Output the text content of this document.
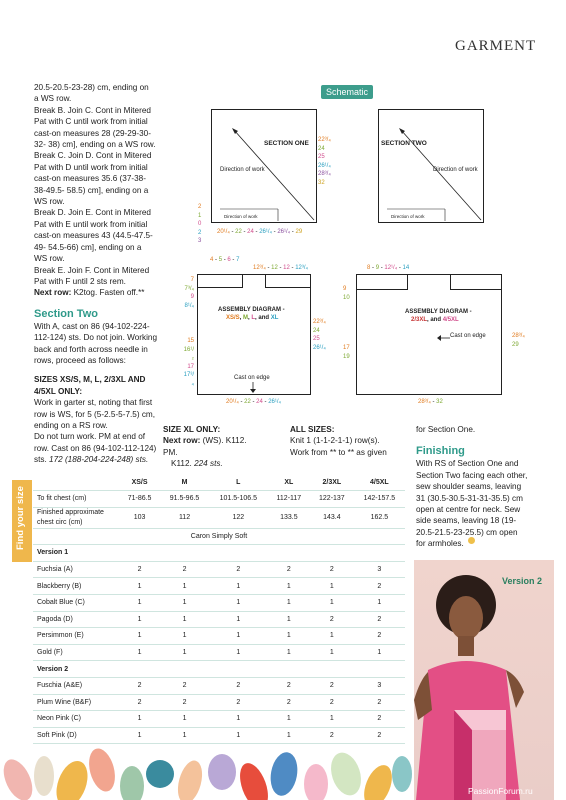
GARMENT

20.5-20.5-23-28) cm, ending on

a WS row.

Break B. Join C. Cont in Mitered

Pat with C until work from initial

cast-on measures 28 (29-29-30-

32- 38) cm], ending on a WS row.

Break C. Join D. Cont in Mitered

Pat with D until work from initial

cast-on measures 35.6 (37-38-

38-49.5- 58.5) cm], ending on a

WS row.

Break D. Join E. Cont in Mitered

Pat with E until work from initial

cast-on measures 43 (44.5-47.5-

49- 54.5-66) cm], ending on a

WS row.

Break E. Join F. Cont in Mitered

Pat with F until 2 sts rem.

Next row: K2tog. Fasten off.**

Section Two

With A, cast on 86 (94-102-224-

112-124) sts. Do not join. Working

back and forth across needle in

rows, proceed as follows:

SIZES XS/S, M, L, 2/3XL AND 4/5XL ONLY:

Work in garter st, noting that first

row is WS, for 5 (5-2.5-5-7.5) cm,

ending on a RS row.

Do not turn work. PM at end of

row. Cast on 86 (94-102-112-124)

sts. 172 (188-204-224-248) sts.

SIZE XL ONLY:

Next row: (WS). K112. PM.

K112. 224 sts.

ALL SIZES:

Knit 1 (1-1-2-1-1) row(s).

Work from ** to ** as given

for Section One.

Finishing

With RS of Section One and

Section Two facing each other,

sew shoulder seams, leaving

31 (30.5-30.5-31-31-35.5) cm

open at centre for neck. Sew

side seams, leaving 18 (19-

20.5-21.5-23-25.5) cm open

for armholes.

Schematic
SECTION ONE
Direction of work
Direction of work
22³/₄
24
25
26¹/₄
28³/₄
32
2
1
0
2
3
20¹/₄ - 22 - 24 - 26¹/₄ - 26¹/₄ - 29
SECTION TWO
Direction of work
Direction of work
4 - 5 - 6 - 7
12³/₄ - 12 - 12 - 12³/₄
7
7³/₄
9
8¹/₄
ASSEMBLY DIAGRAM -
XS/S, M, L, and XL
Cast on edge
15
16¹/₂
17
17³/₄
22³/₄
24
25
26¹/₄
20¹/₄ - 22 - 24 - 26¹/₄
8 - 9 - 12¹/₄ - 14
9
10
ASSEMBLY DIAGRAM -
2/3XL, and 4/5XL
Cast on edge
17
19
28³/₄
29
28³/₄ - 32
Find your size
	XS/S	M	L	XL	2/3XL	4/5XL
To fit chest (cm)	71-86.5	91.5-96.5	101.5-106.5	112-117	122-137	142-157.5
Finished approximate chest circ (cm)	103	112	122	133.5	143.4	162.5
Caron Simply Soft						
Version 1						
Fuchsia (A)	2	2	2	2	2	3
Blackberry (B)	1	1	1	1	1	2
Cobalt Blue (C)	1	1	1	1	1	1
Pagoda (D)	1	1	1	1	2	2
Persimmon (E)	1	1	1	1	1	2
Gold (F)	1	1	1	1	1	1
Version 2						
Fuschia (A&E)	2	2	2	2	2	3
Plum Wine (B&F)	2	2	2	2	2	2
Neon Pink (C)	1	1	1	1	1	2
Soft Pink (D)	1	1	1	1	2	2
Version 2
PassionForum.ru
